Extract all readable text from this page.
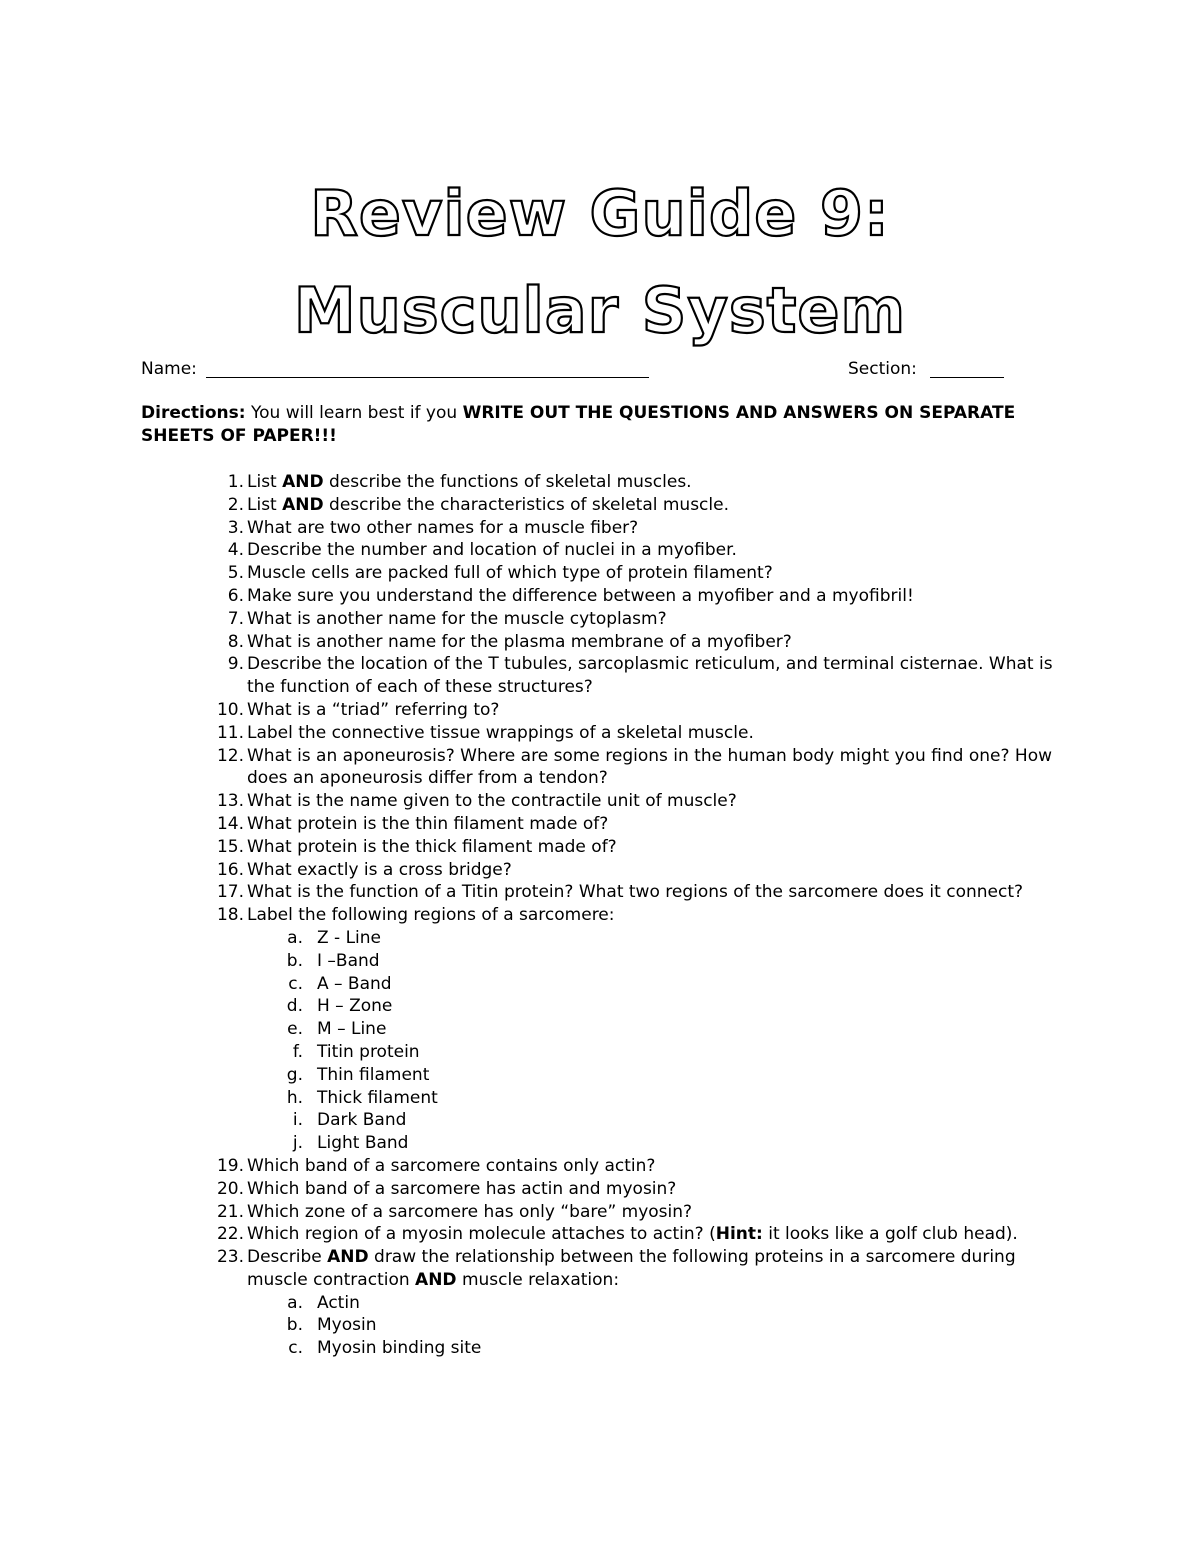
Review Guide 9:
Muscular System
Name:	Section:
Directions: You will learn best if you WRITE OUT THE QUESTIONS AND ANSWERS ON SEPARATE SHEETS OF PAPER!!!
1. List AND describe the functions of skeletal muscles.
2. List AND describe the characteristics of skeletal muscle.
3. What are two other names for a muscle fiber?
4. Describe the number and location of nuclei in a myofiber.
5. Muscle cells are packed full of which type of protein filament?
6. Make sure you understand the difference between a myofiber and a myofibril!
7. What is another name for the muscle cytoplasm?
8. What is another name for the plasma membrane of a myofiber?
9. Describe the location of the T tubules, sarcoplasmic reticulum, and terminal cisternae. What is the function of each of these structures?
10. What is a “triad” referring to?
11. Label the connective tissue wrappings of a skeletal muscle.
12. What is an aponeurosis? Where are some regions in the human body might you find one? How does an aponeurosis differ from a tendon?
13. What is the name given to the contractile unit of muscle?
14. What protein is the thin filament made of?
15. What protein is the thick filament made of?
16. What exactly is a cross bridge?
17. What is the function of a Titin protein? What two regions of the sarcomere does it connect?
18. Label the following regions of a sarcomere:
a. Z - Line
b. I –Band
c. A – Band
d. H – Zone
e. M – Line
f. Titin protein
g. Thin filament
h. Thick filament
i. Dark Band
j. Light Band
19. Which band of a sarcomere contains only actin?
20. Which band of a sarcomere has actin and myosin?
21. Which zone of a sarcomere has only “bare” myosin?
22. Which region of a myosin molecule attaches to actin? (Hint: it looks like a golf club head).
23. Describe AND draw the relationship between the following proteins in a sarcomere during muscle contraction AND muscle relaxation:
a. Actin
b. Myosin
c. Myosin binding site
